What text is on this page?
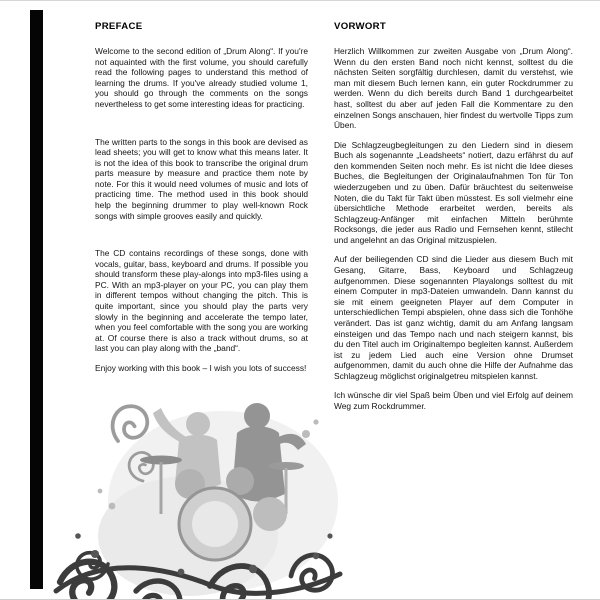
PREFACE

Welcome to the second edition of „Drum Along“. If you're not aquainted with the first volume, you should carefully read the following pages to understand this method of learning the drums. If you've already studied volume 1, you should go through the comments on the songs nevertheless to get some interesting ideas for practicing.

The written parts to the songs in this book are devised as lead sheets; you will get to know what this means later. It is not the idea of this book to transcribe the original drum parts measure by measure and practice them note by note. For this it would need volumes of music and lots of practicing time. The method used in this book should help the beginning drummer to play well-known Rock songs with simple grooves easily and quickly.

The CD contains recordings of these songs, done with vocals, guitar, bass, keyboard and drums. If possible you should transform these play-alongs into mp3-files using a PC. With an mp3-player on your PC, you can play them in different tempos without changing the pitch. This is quite important, since you should play the parts very slowly in the beginning and accelerate the tempo later, when you feel comfortable with the song you are working at. Of course there is also a track without drums, so at last you can play along with the „band“.

Enjoy working with this book – I wish you lots of success!

VORWORT

Herzlich Willkommen zur zweiten Ausgabe von „Drum Along“. Wenn du den ersten Band noch nicht kennst, solltest du die nächsten Seiten sorgfältig durchlesen, damit du verstehst, wie man mit diesem Buch lernen kann, ein guter Rockdrummer zu werden. Wenn du dich bereits durch Band 1 durchgearbeitet hast, solltest du aber auf jeden Fall die Kommentare zu den einzelnen Songs anschauen, hier findest du wertvolle Tipps zum Üben.

Die Schlagzeugbegleitungen zu den Liedern sind in diesem Buch als sogenannte „Leadsheets“ notiert, dazu erfährst du auf den kommenden Seiten noch mehr. Es ist nicht die Idee dieses Buches, die Begleitungen der Originalaufnahmen Ton für Ton wiederzugeben und zu üben. Dafür bräuchtest du seitenweise Noten, die du Takt für Takt üben müsstest. Es soll vielmehr eine übersichtliche Methode erarbeitet werden, bereits als Schlagzeug-Anfänger mit einfachen Mitteln berühmte Rocksongs, die jeder aus Radio und Fernsehen kennt, stilecht und angelehnt an das Original mitzuspielen.

Auf der beiliegenden CD sind die Lieder aus diesem Buch mit Gesang, Gitarre, Bass, Keyboard und Schlagzeug aufgenommen. Diese sogenannten Playalongs solltest du mit einem Computer in mp3-Dateien umwandeln. Dann kannst du sie mit einem geeigneten Player auf dem Computer in unterschiedlichen Tempi abspielen, ohne dass sich die Tonhöhe verändert. Das ist ganz wichtig, damit du am Anfang langsam einsteigen und das Tempo nach und nach steigern kannst, bis du den Titel auch im Originaltempo begleiten kannst. Außerdem ist zu jedem Lied auch eine Version ohne Drumset aufgenommen, damit du auch ohne die Hilfe der Aufnahme das Schlagzeug möglichst originalgetreu mitspielen kannst.

Ich wünsche dir viel Spaß beim Üben und viel Erfolg auf deinem Weg zum Rockdrummer.
